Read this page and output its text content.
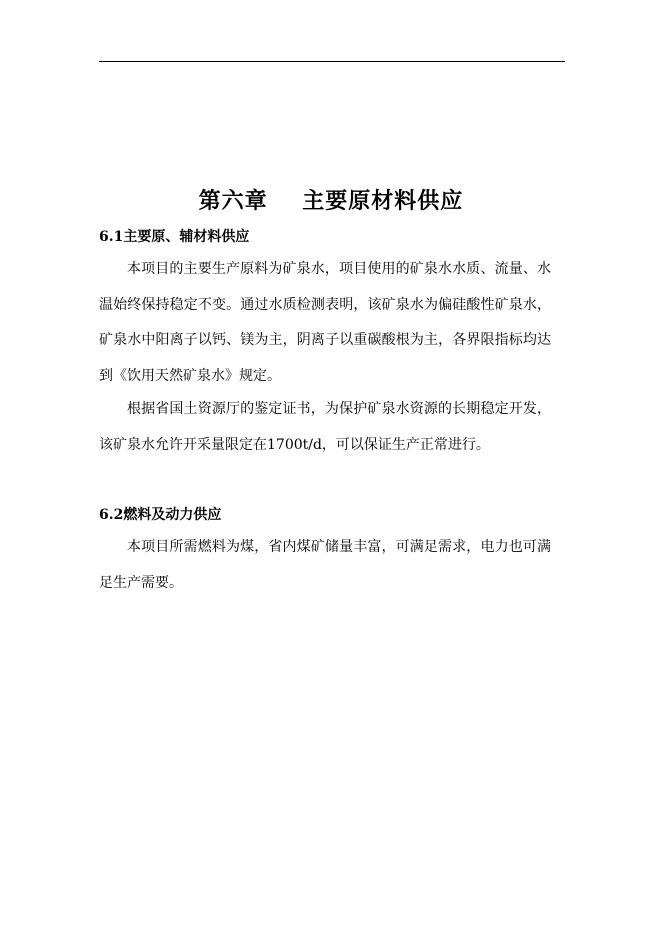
第六章    主要原材料供应
6.1主要原、辅材料供应

本项目的主要生产原料为矿泉水，项目使用的矿泉水水质、流量、水温始终保持稳定不变。通过水质检测表明，该矿泉水为偏硅酸性矿泉水，矿泉水中阳离子以钙、镁为主，阴离子以重碳酸根为主，各界限指标均达到《饮用天然矿泉水》规定。

根据省国土资源厅的鉴定证书，为保护矿泉水资源的长期稳定开发，该矿泉水允许开采量限定在1700t/d，可以保证生产正常进行。

6.2燃料及动力供应

本项目所需燃料为煤，省内煤矿储量丰富，可满足需求，电力也可满足生产需要。
